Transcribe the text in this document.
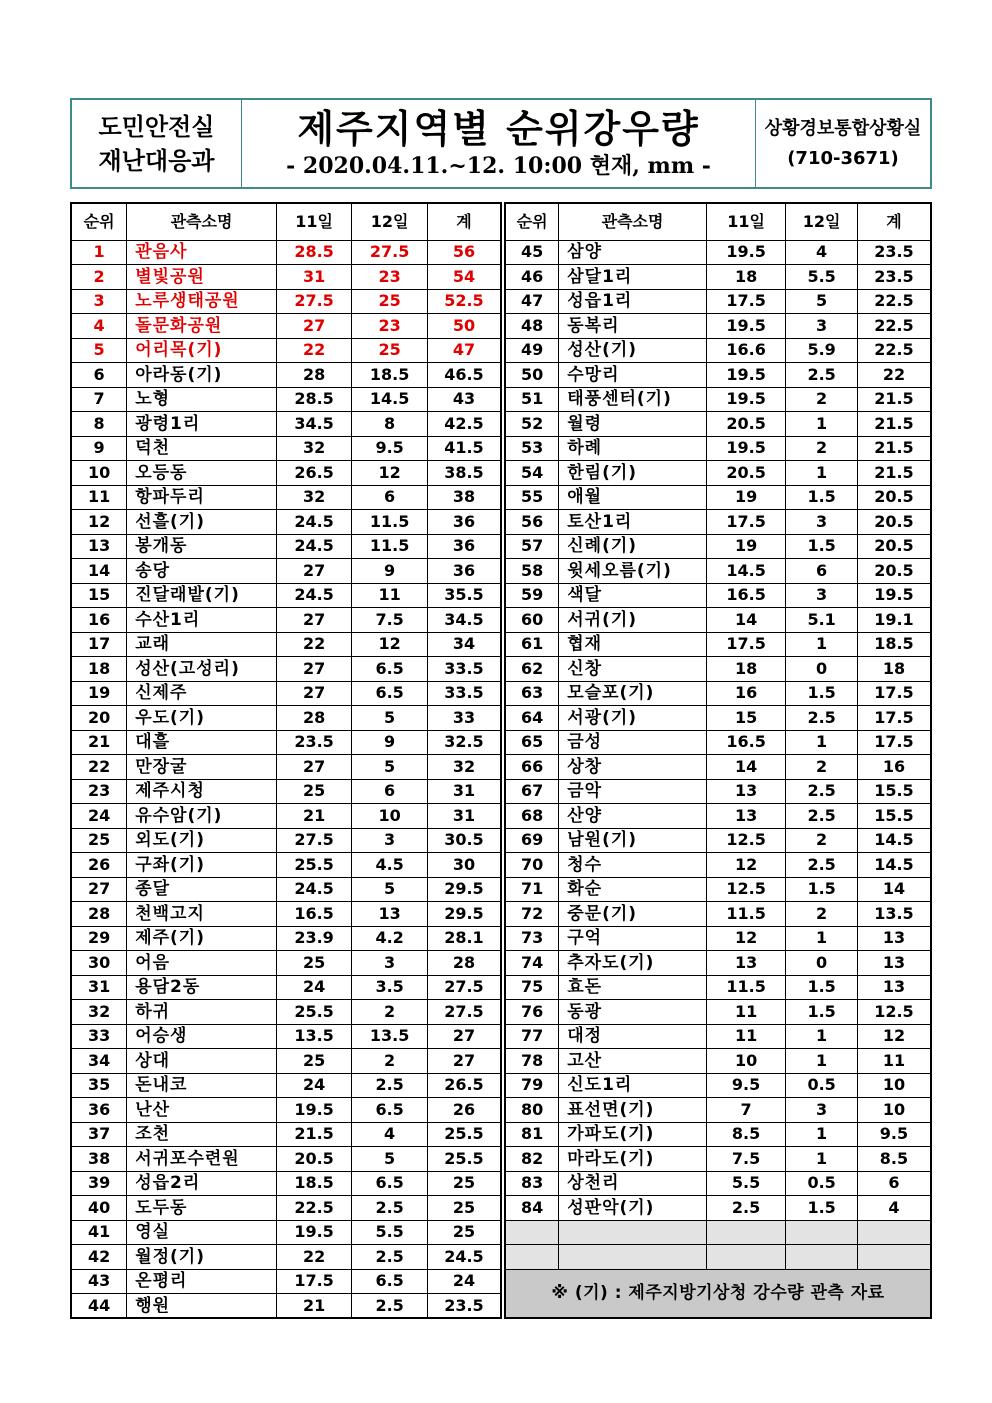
도민안전실
재난대응과
제주지역별 순위강우량
- 2020.04.11.~12. 10:00 현재, mm -
상황경보통합상황실
(710-3671)
순위	관측소명	11일	12일	계
1	관음사	28.5	27.5	56
2	별빛공원	31	23	54
3	노루생태공원	27.5	25	52.5
4	돌문화공원	27	23	50
5	어리목(기)	22	25	47
6	아라동(기)	28	18.5	46.5
7	노형	28.5	14.5	43
8	광령1리	34.5	8	42.5
9	덕천	32	9.5	41.5
10	오등동	26.5	12	38.5
11	항파두리	32	6	38
12	선흘(기)	24.5	11.5	36
13	봉개동	24.5	11.5	36
14	송당	27	9	36
15	진달래밭(기)	24.5	11	35.5
16	수산1리	27	7.5	34.5
17	교래	22	12	34
18	성산(고성리)	27	6.5	33.5
19	신제주	27	6.5	33.5
20	우도(기)	28	5	33
21	대흘	23.5	9	32.5
22	만장굴	27	5	32
23	제주시청	25	6	31
24	유수암(기)	21	10	31
25	외도(기)	27.5	3	30.5
26	구좌(기)	25.5	4.5	30
27	종달	24.5	5	29.5
28	천백고지	16.5	13	29.5
29	제주(기)	23.9	4.2	28.1
30	어음	25	3	28
31	용담2동	24	3.5	27.5
32	하귀	25.5	2	27.5
33	어승생	13.5	13.5	27
34	상대	25	2	27
35	돈내코	24	2.5	26.5
36	난산	19.5	6.5	26
37	조천	21.5	4	25.5
38	서귀포수련원	20.5	5	25.5
39	성읍2리	18.5	6.5	25
40	도두동	22.5	2.5	25
41	영실	19.5	5.5	25
42	월정(기)	22	2.5	24.5
43	온평리	17.5	6.5	24
44	행원	21	2.5	23.5
순위	관측소명	11일	12일	계
45	삼양	19.5	4	23.5
46	삼달1리	18	5.5	23.5
47	성읍1리	17.5	5	22.5
48	동복리	19.5	3	22.5
49	성산(기)	16.6	5.9	22.5
50	수망리	19.5	2.5	22
51	태풍센터(기)	19.5	2	21.5
52	월령	20.5	1	21.5
53	하례	19.5	2	21.5
54	한림(기)	20.5	1	21.5
55	애월	19	1.5	20.5
56	토산1리	17.5	3	20.5
57	신례(기)	19	1.5	20.5
58	윗세오름(기)	14.5	6	20.5
59	색달	16.5	3	19.5
60	서귀(기)	14	5.1	19.1
61	협재	17.5	1	18.5
62	신창	18	0	18
63	모슬포(기)	16	1.5	17.5
64	서광(기)	15	2.5	17.5
65	금성	16.5	1	17.5
66	상창	14	2	16
67	금악	13	2.5	15.5
68	산양	13	2.5	15.5
69	남원(기)	12.5	2	14.5
70	청수	12	2.5	14.5
71	화순	12.5	1.5	14
72	중문(기)	11.5	2	13.5
73	구억	12	1	13
74	추자도(기)	13	0	13
75	효돈	11.5	1.5	13
76	동광	11	1.5	12.5
77	대정	11	1	12
78	고산	10	1	11
79	신도1리	9.5	0.5	10
80	표선면(기)	7	3	10
81	가파도(기)	8.5	1	9.5
82	마라도(기)	7.5	1	8.5
83	상천리	5.5	0.5	6
84	성판악(기)	2.5	1.5	4

※ (기) : 제주지방기상청 강수량 관측 자료				
